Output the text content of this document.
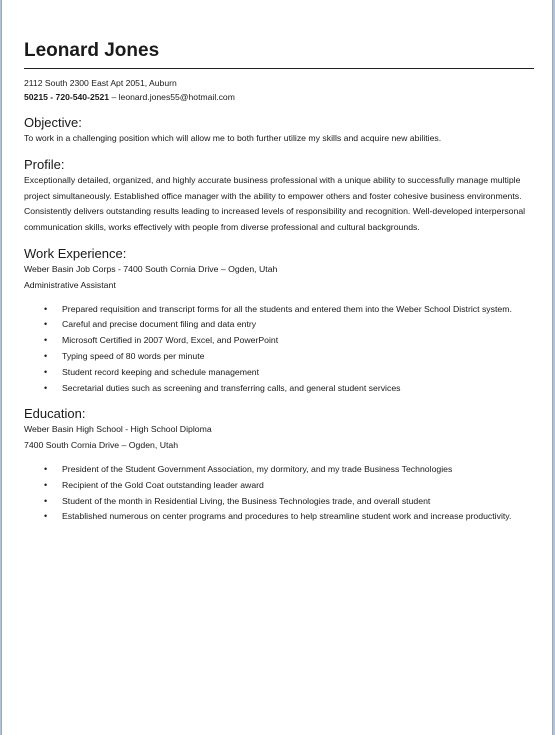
Leonard Jones
2112 South 2300 East Apt 2051, Auburn
50215 - 720-540-2521 – leonard.jones55@hotmail.com
Objective:

To work in a challenging position which will allow me to both further utilize my skills and acquire new abilities.

Profile:

Exceptionally detailed, organized, and highly accurate business professional with a unique ability to successfully manage multiple project simultaneously. Established office manager with the ability to empower others and foster cohesive business environments. Consistently delivers outstanding results leading to increased levels of responsibility and recognition. Well-developed interpersonal communication skills, works effectively with people from diverse professional and cultural backgrounds.

Work Experience:
Weber Basin Job Corps - 7400 South Cornia Drive – Ogden, Utah
Administrative Assistant
• Prepared requisition and transcript forms for all the students and entered them into the Weber School District system.
• Careful and precise document filing and data entry
• Microsoft Certified in 2007 Word, Excel, and PowerPoint
• Typing speed of 80 words per minute
• Student record keeping and schedule management
• Secretarial duties such as screening and transferring calls, and general student services
Education:
Weber Basin High School - High School Diploma
7400 South Cornia Drive – Ogden, Utah
• President of the Student Government Association, my dormitory, and my trade Business Technologies
• Recipient of the Gold Coat outstanding leader award
• Student of the month in Residential Living, the Business Technologies trade, and overall student
• Established numerous on center programs and procedures to help streamline student work and increase productivity.
